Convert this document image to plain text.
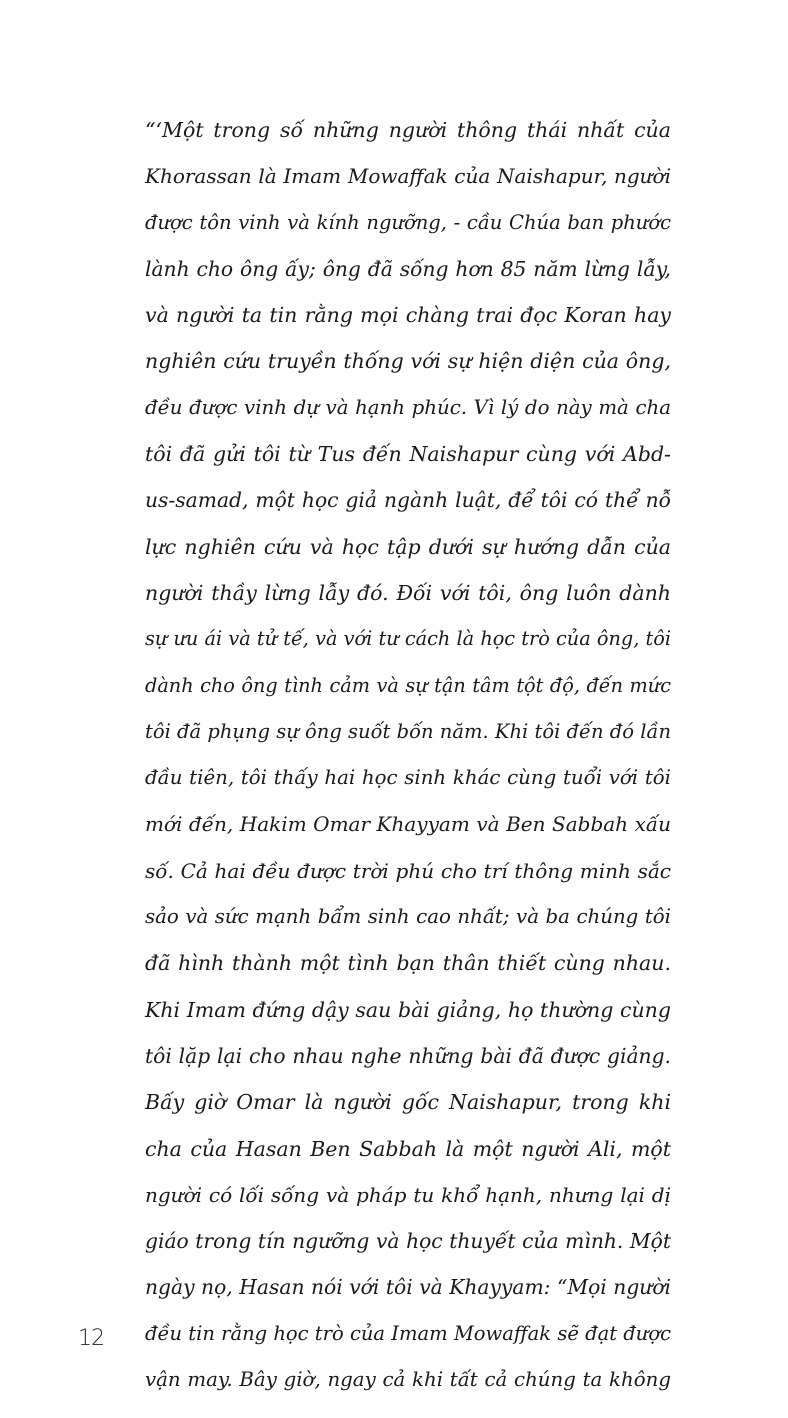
“‘Một trong số những người thông thái nhất của
Khorassan là Imam Mowaffak của Naishapur, người
được tôn vinh và kính ngưỡng, - cầu Chúa ban phước
lành cho ông ấy; ông đã sống hơn 85 năm lừng lẫy,
và người ta tin rằng mọi chàng trai đọc Koran hay
nghiên cứu truyền thống với sự hiện diện của ông,
đều được vinh dự và hạnh phúc. Vì lý do này mà cha
tôi đã gửi tôi từ Tus đến Naishapur cùng với Abd-
us-samad, một học giả ngành luật, để tôi có thể nỗ
lực nghiên cứu và học tập dưới sự hướng dẫn của
người thầy lừng lẫy đó. Đối với tôi, ông luôn dành
sự ưu ái và tử tế, và với tư cách là học trò của ông, tôi
dành cho ông tình cảm và sự tận tâm tột độ, đến mức
tôi đã phụng sự ông suốt bốn năm. Khi tôi đến đó lần
đầu tiên, tôi thấy hai học sinh khác cùng tuổi với tôi
mới đến, Hakim Omar Khayyam và Ben Sabbah xấu
số. Cả hai đều được trời phú cho trí thông minh sắc
sảo và sức mạnh bẩm sinh cao nhất; và ba chúng tôi
đã hình thành một tình bạn thân thiết cùng nhau.
Khi Imam đứng dậy sau bài giảng, họ thường cùng
tôi lặp lại cho nhau nghe những bài đã được giảng.
Bấy giờ Omar là người gốc Naishapur, trong khi
cha của Hasan Ben Sabbah là một người Ali, một
người có lối sống và pháp tu khổ hạnh, nhưng lại dị
giáo trong tín ngưỡng và học thuyết của mình. Một
ngày nọ, Hasan nói với tôi và Khayyam: “Mọi người
đều tin rằng học trò của Imam Mowaffak sẽ đạt được
vận may. Bây giờ, ngay cả khi tất cả chúng ta không
12
